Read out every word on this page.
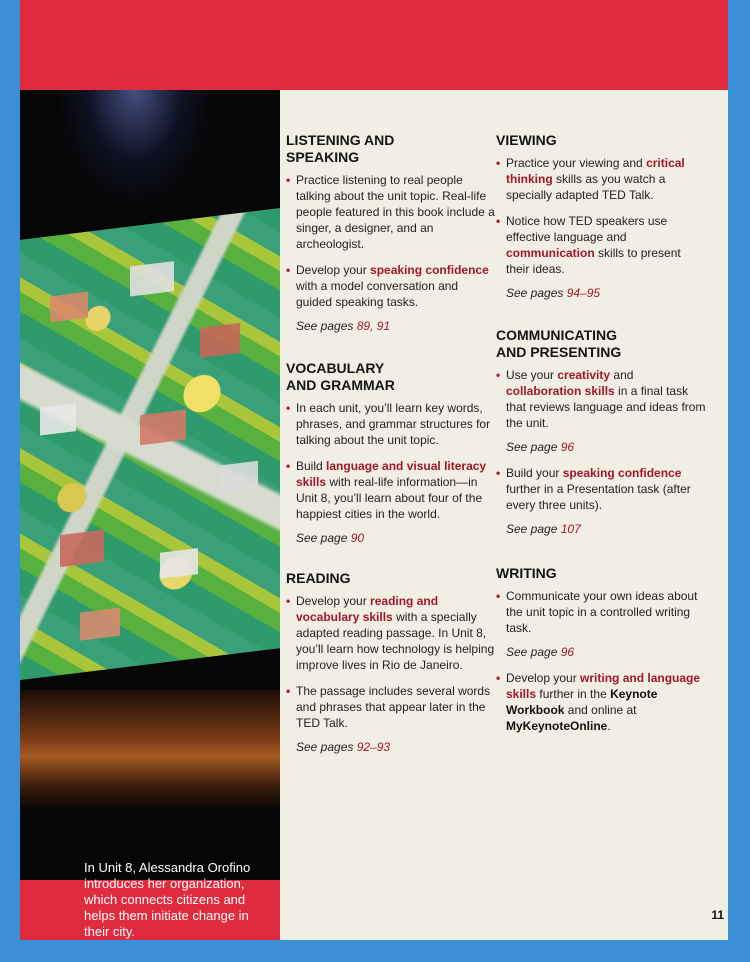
In Unit 8, Alessandra Orofino introduces her organization, which connects citizens and helps them initiate change in their city.

LISTENING AND SPEAKING
• Practice listening to real people talking about the unit topic. Real-life people featured in this book include a singer, a designer, and an archeologist.
• Develop your speaking confidence with a model conversation and guided speaking tasks.

See pages 89, 91

VOCABULARY AND GRAMMAR
• In each unit, you’ll learn key words, phrases, and grammar structures for talking about the unit topic.
• Build language and visual literacy skills with real-life information—in Unit 8, you’ll learn about four of the happiest cities in the world.

See page 90

READING
• Develop your reading and vocabulary skills with a specially adapted reading passage. In Unit 8, you’ll learn how technology is helping improve lives in Rio de Janeiro.
• The passage includes several words and phrases that appear later in the TED Talk.

See pages 92–93

VIEWING
• Practice your viewing and critical thinking skills as you watch a specially adapted TED Talk.
• Notice how TED speakers use effective language and communication skills to present their ideas.

See pages 94–95

COMMUNICATING AND PRESENTING
• Use your creativity and collaboration skills in a final task that reviews language and ideas from the unit.

See page 96

• Build your speaking confidence further in a Presentation task (after every three units).

See page 107

WRITING
• Communicate your own ideas about the unit topic in a controlled writing task.

See page 96

• Develop your writing and language skills further in the Keynote Workbook and online at MyKeynoteOnline.
11
